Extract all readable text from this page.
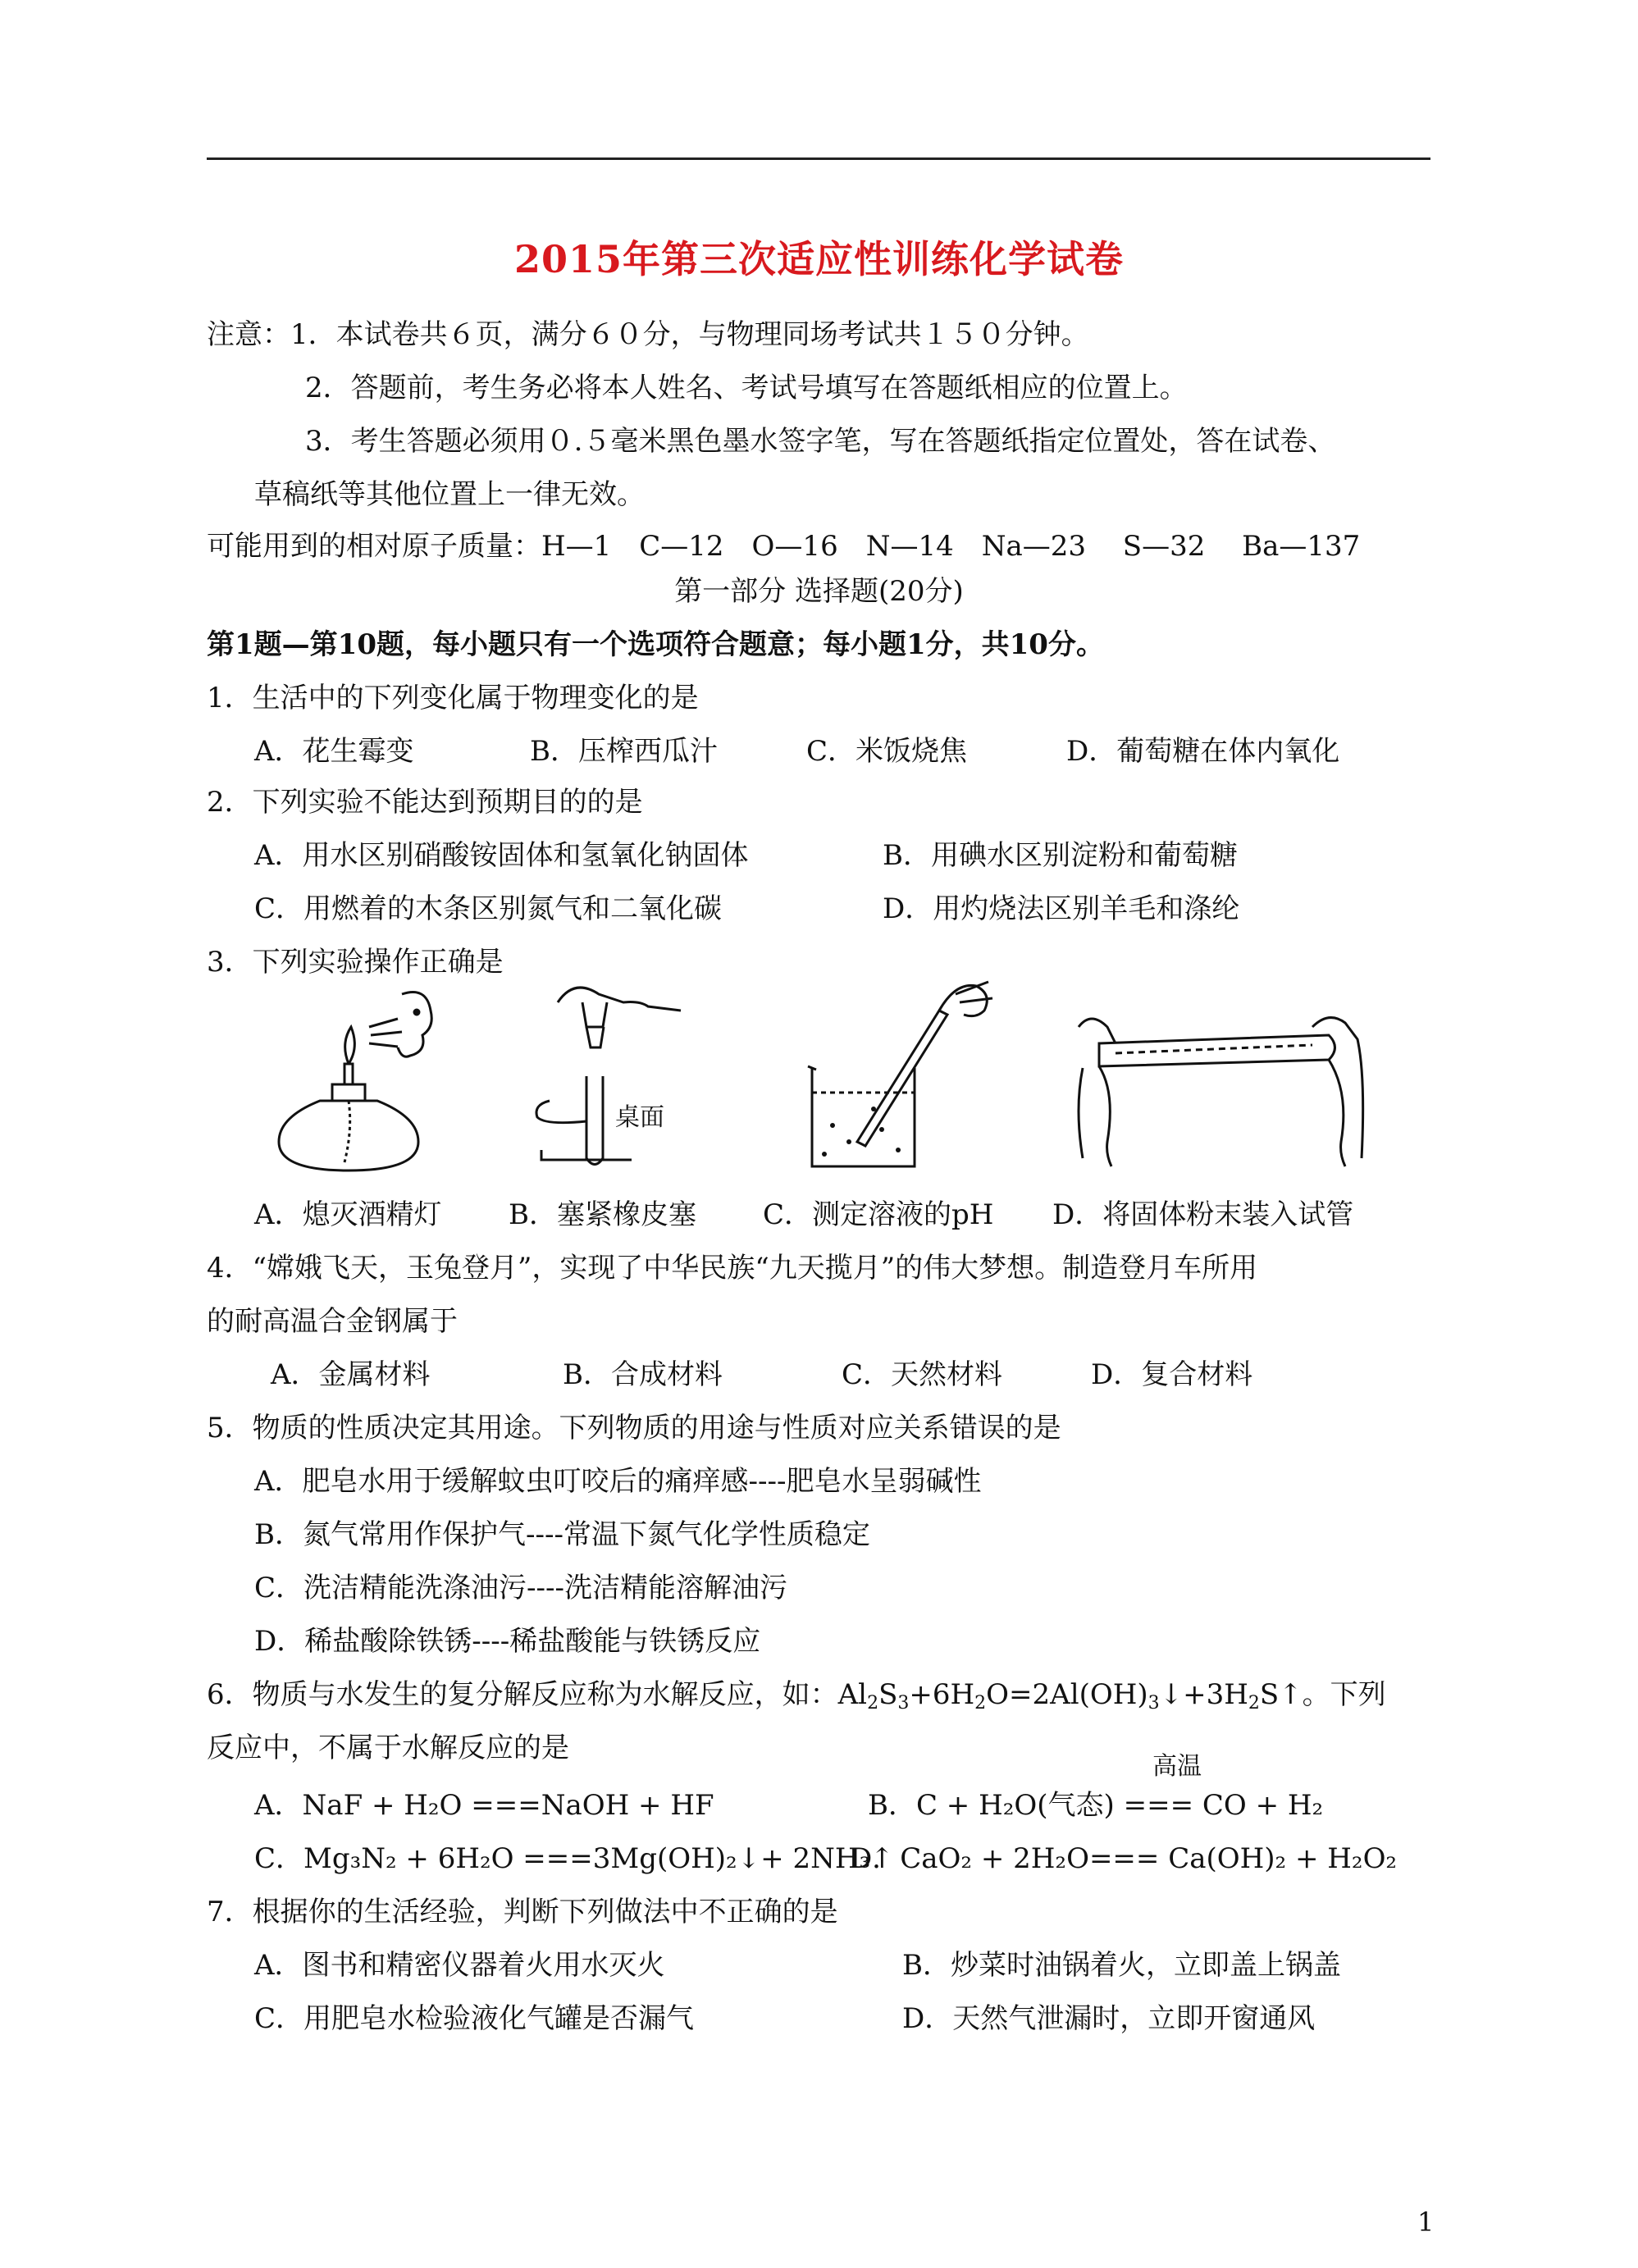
2015年第三次适应性训练化学试卷
注意：1．本试卷共６页，满分６０分，与物理同场考试共１５０分钟。
2．答题前，考生务必将本人姓名、考试号填写在答题纸相应的位置上。
3．考生答题必须用０.５毫米黑色墨水签字笔，写在答题纸指定位置处，答在试卷、
草稿纸等其他位置上一律无效。
可能用到的相对原子质量：H—1　C—12　O—16　N—14　Na—23　 S—32　 Ba—137
第一部分 选择题(20分)
第1题—第10题，每小题只有一个选项符合题意；每小题1分，共10分。
1．生活中的下列变化属于物理变化的是
A．花生霉变	B．压榨西瓜汁	C．米饭烧焦	D．葡萄糖在体内氧化
2．下列实验不能达到预期目的的是
A．用水区别硝酸铵固体和氢氧化钠固体	B．用碘水区别淀粉和葡萄糖
C．用燃着的木条区别氮气和二氧化碳	D．用灼烧法区别羊毛和涤纶
3．下列实验操作正确是
桌面
A．熄灭酒精灯 B．塞紧橡皮塞 C．测定溶液的pH D．将固体粉末装入试管
4．“嫦娥飞天，玉兔登月”，实现了中华民族“九天揽月”的伟大梦想。制造登月车所用
的耐高温合金钢属于
A．金属材料	B．合成材料	C．天然材料	D．复合材料
5．物质的性质决定其用途。下列物质的用途与性质对应关系错误的是
A．肥皂水用于缓解蚊虫叮咬后的痛痒感----肥皂水呈弱碱性
B．氮气常用作保护气----常温下氮气化学性质稳定
C．洗洁精能洗涤油污----洗洁精能溶解油污
D．稀盐酸除铁锈----稀盐酸能与铁锈反应
6．物质与水发生的复分解反应称为水解反应，如：$Al_2S_3+6H_2O=2Al(OH)_3↓+3H_2S↑$。下列
反应中，不属于水解反应的是
高温
A．NaF + H₂O ===NaOH + HF	B．C + H₂O(气态) === CO + H₂
C．Mg₃N₂ + 6H₂O ===3Mg(OH)₂↓+ 2NH₃↑
D．CaO₂ + 2H₂O=== Ca(OH)₂ + H₂O₂
7．根据你的生活经验，判断下列做法中不正确的是
A．图书和精密仪器着火用水灭火	B．炒菜时油锅着火，立即盖上锅盖
C．用肥皂水检验液化气罐是否漏气	D．天然气泄漏时，立即开窗通风
1
